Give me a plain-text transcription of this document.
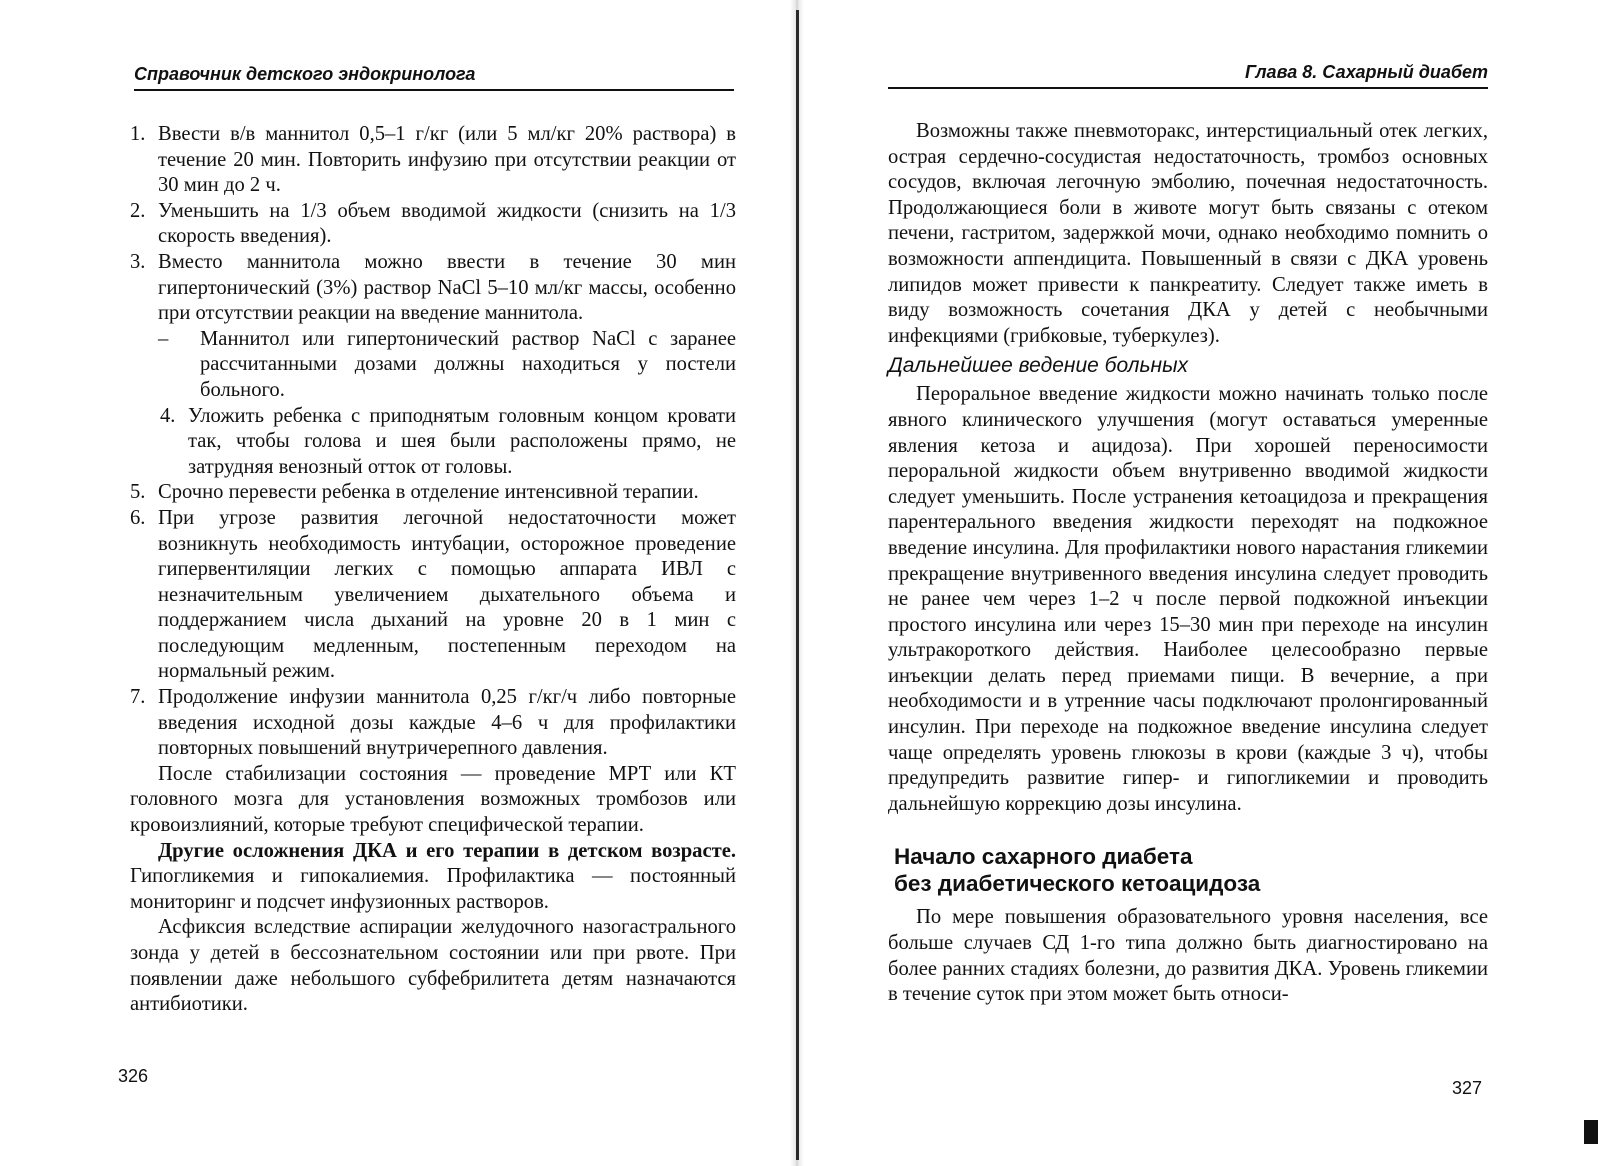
Справочник детского эндокринолога
1. Ввести в/в маннитол 0,5–1 г/кг (или 5 мл/кг 20% раствора) в течение 20 мин. Повторить инфузию при отсутствии реакции от 30 мин до 2 ч.
2. Уменьшить на 1/3 объем вводимой жидкости (снизить на 1/3 скорость введения).
3. Вместо маннитола можно ввести в течение 30 мин гипертонический (3%) раствор NaCl 5–10 мл/кг массы, особенно при отсутствии реакции на введение маннитола.
– Маннитол или гипертонический раствор NaCl с заранее рассчитанными дозами должны находиться у постели больного.
4. Уложить ребенка с приподнятым головным концом кровати так, чтобы голова и шея были расположены прямо, не затрудняя венозный отток от головы.
5. Срочно перевести ребенка в отделение интенсивной терапии.
6. При угрозе развития легочной недостаточности может возникнуть необходимость интубации, осторожное проведение гипервентиляции легких с помощью аппарата ИВЛ с незначительным увеличением дыхательного объема и поддержанием числа дыханий на уровне 20 в 1 мин с последующим медленным, постепенным переходом на нормальный режим.
7. Продолжение инфузии маннитола 0,25 г/кг/ч либо повторные введения исходной дозы каждые 4–6 ч для профилактики повторных повышений внутричерепного давления.

После стабилизации состояния — проведение МРТ или КТ головного мозга для установления возможных тромбозов или кровоизлияний, которые требуют специфической терапии.

Другие осложнения ДКА и его терапии в детском возрасте. Гипогликемия и гипокалиемия. Профилактика — постоянный мониторинг и подсчет инфузионных растворов.

Асфиксия вследствие аспирации желудочного назогастрального зонда у детей в бессознательном состоянии или при рвоте. При появлении даже небольшого субфебрилитета детям назначаются антибиотики.

326
Глава 8. Сахарный диабет

Возможны также пневмоторакс, интерстициальный отек легких, острая сердечно-сосудистая недостаточность, тромбоз основных сосудов, включая легочную эмболию, почечная недостаточность. Продолжающиеся боли в животе могут быть связаны с отеком печени, гастритом, задержкой мочи, однако необходимо помнить о возможности аппендицита. Повышенный в связи с ДКА уровень липидов может привести к панкреатиту. Следует также иметь в виду возможность сочетания ДКА у детей с необычными инфекциями (грибковые, туберкулез).

Дальнейшее ведение больных

Пероральное введение жидкости можно начинать только после явного клинического улучшения (могут оставаться умеренные явления кетоза и ацидоза). При хорошей переносимости пероральной жидкости объем внутривенно вводимой жидкости следует уменьшить. После устранения кетоацидоза и прекращения парентерального введения жидкости переходят на подкожное введение инсулина. Для профилактики нового нарастания гликемии прекращение внутривенного введения инсулина следует проводить не ранее чем через 1–2 ч после первой подкожной инъекции простого инсулина или через 15–30 мин при переходе на инсулин ультракороткого действия. Наиболее целесообразно первые инъекции делать перед приемами пищи. В вечерние, а при необходимости и в утренние часы подключают пролонгированный инсулин. При переходе на подкожное введение инсулина следует чаще определять уровень глюкозы в крови (каждые 3 ч), чтобы предупредить развитие гипер- и гипогликемии и проводить дальнейшую коррекцию дозы инсулина.

Начало сахарного диабета
без диабетического кетоацидоза

По мере повышения образовательного уровня населения, все больше случаев СД 1-го типа должно быть диагностировано на более ранних стадиях болезни, до развития ДКА. Уровень гликемии в течение суток при этом может быть относи-

327
